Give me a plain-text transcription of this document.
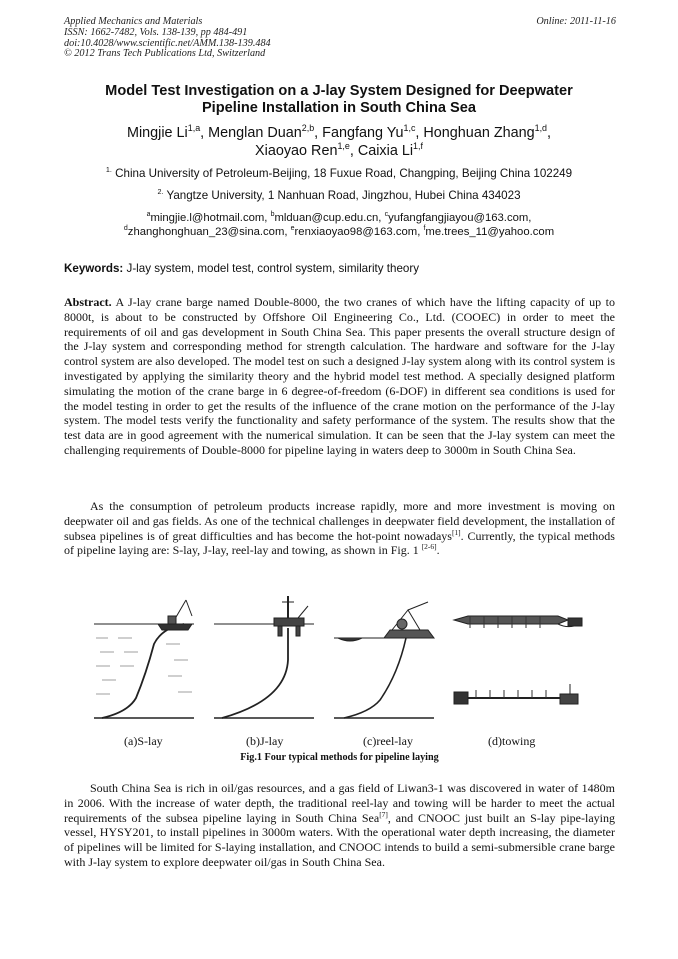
Applied Mechanics and Materials
ISSN: 1662-7482, Vols. 138-139, pp 484-491
doi:10.4028/www.scientific.net/AMM.138-139.484
© 2012 Trans Tech Publications Ltd, Switzerland
Online: 2011-11-16
Model Test Investigation on a J-lay System Designed for Deepwater
Pipeline Installation in South China Sea
Mingjie Li$^{1,a}$, Menglan Duan$^{2,b}$, Fangfang Yu$^{1,c}$, Honghuan Zhang$^{1,d}$,
Xiaoyao Ren$^{1,e}$, Caixia Li$^{1,f}$
$^{1.}$ China University of Petroleum-Beijing, 18 Fuxue Road, Changping, Beijing China 102249
$^{2.}$ Yangtze University, 1 Nanhuan Road, Jingzhou, Hubei China 434023
$^a$mingjie.l@hotmail.com, $^b$mlduan@cup.edu.cn, $^c$yufangfangjiayou@163.com,
$^d$zhanghonghuan_23@sina.com, $^e$renxiaoyao98@163.com, $^f$me.trees_11@yahoo.com
Keywords: J-lay system, model test, control system, similarity theory
Abstract. A J-lay crane barge named Double-8000, the two cranes of which have the lifting capacity of up to 8000t, is about to be constructed by Offshore Oil Engineering Co., Ltd. (COOEC) in order to meet the requirements of oil and gas development in South China Sea. This paper presents the overall structure design of the J-lay system and corresponding method for strength calculation. The hardware and software for the J-lay control system are also developed. The model test on such a designed J-lay system along with its control system is investigated by applying the similarity theory and the hybrid model test method. A specially designed platform simulating the motion of the crane barge in 6 degree-of-freedom (6-DOF) in different sea conditions is used for the model testing in order to get the results of the influence of the crane motion on the performance of the J-lay system. The model tests verify the functionality and safety performance of the system. The results show that the test data are in good agreement with the numerical simulation. It can be seen that the J-lay system can meet the challenging requirements of Double-8000 for pipeline laying in waters deep to 3000m in South China Sea.
As the consumption of petroleum products increase rapidly, more and more investment is moving on deepwater oil and gas fields. As one of the technical challenges in deepwater field development, the installation of subsea pipelines is of great difficulties and has become the hot-point nowadays[1]. Currently, the typical methods of pipeline laying are: S-lay, J-lay, reel-lay and towing, as shown in Fig. 1 [2-6].
(a)S-lay	(b)J-lay	(c)reel-lay	(d)towing
Fig.1 Four typical methods for pipeline laying
South China Sea is rich in oil/gas resources, and a gas field of Liwan3-1 was discovered in water of 1480m in 2006. With the increase of water depth, the traditional reel-lay and towing will be harder to meet the actual requirements of the subsea pipeline laying in South China Sea[7], and CNOOC just built an S-lay pipe-laying vessel, HYSY201, to install pipelines in 3000m waters. With the operational water depth increasing, the diameter of pipelines will be limited for S-laying installation, and CNOOC intends to build a semi-submersible crane barge with J-lay system to explore deepwater oil/gas in South China Sea.
